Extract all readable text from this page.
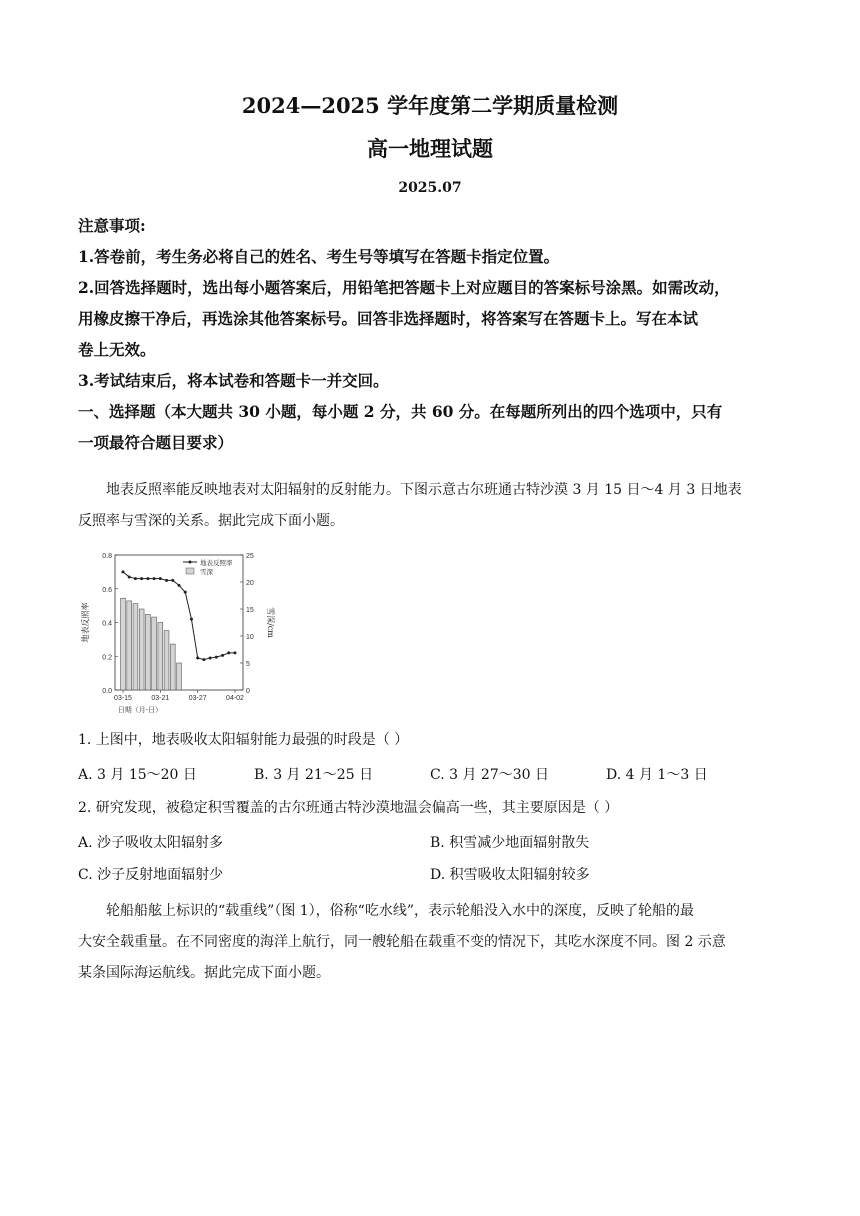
2024—2025 学年度第二学期质量检测
高一地理试题
2025.07
注意事项:
1.答卷前，考生务必将自己的姓名、考生号等填写在答题卡指定位置。
2.回答选择题时，选出每小题答案后，用铅笔把答题卡上对应题目的答案标号涂黑。如需改动，
用橡皮擦干净后，再选涂其他答案标号。回答非选择题时，将答案写在答题卡上。写在本试
卷上无效。
3.考试结束后，将本试卷和答题卡一并交回。
一、选择题（本大题共 30 小题，每小题 2 分，共 60 分。在每题所列出的四个选项中，只有
一项最符合题目要求）
地表反照率能反映地表对太阳辐射的反射能力。下图示意古尔班通古特沙漠 3 月 15 日～4 月 3 日地表
反照率与雪深的关系。据此完成下面小题。
0.0
0.2
0.4
0.6
0.8
0
5
10
15
20
25
地表反照率	雪深/cm
03-15	03-21	03-27	04-02
日期（月-日）
地表反照率
雪深
1. 上图中，地表吸收太阳辐射能力最强的时段是（ ）
A. 3 月 15～20 日	B. 3 月 21～25 日	C. 3 月 27～30 日	D. 4 月 1～3 日
2. 研究发现，被稳定积雪覆盖的古尔班通古特沙漠地温会偏高一些，其主要原因是（ ）
A. 沙子吸收太阳辐射多	B. 积雪减少地面辐射散失
C. 沙子反射地面辐射少	D. 积雪吸收太阳辐射较多
轮船船舷上标识的“载重线”（图 1），俗称“吃水线”，表示轮船没入水中的深度，反映了轮船的最
大安全载重量。在不同密度的海洋上航行，同一艘轮船在载重不变的情况下，其吃水深度不同。图 2 示意
某条国际海运航线。据此完成下面小题。
